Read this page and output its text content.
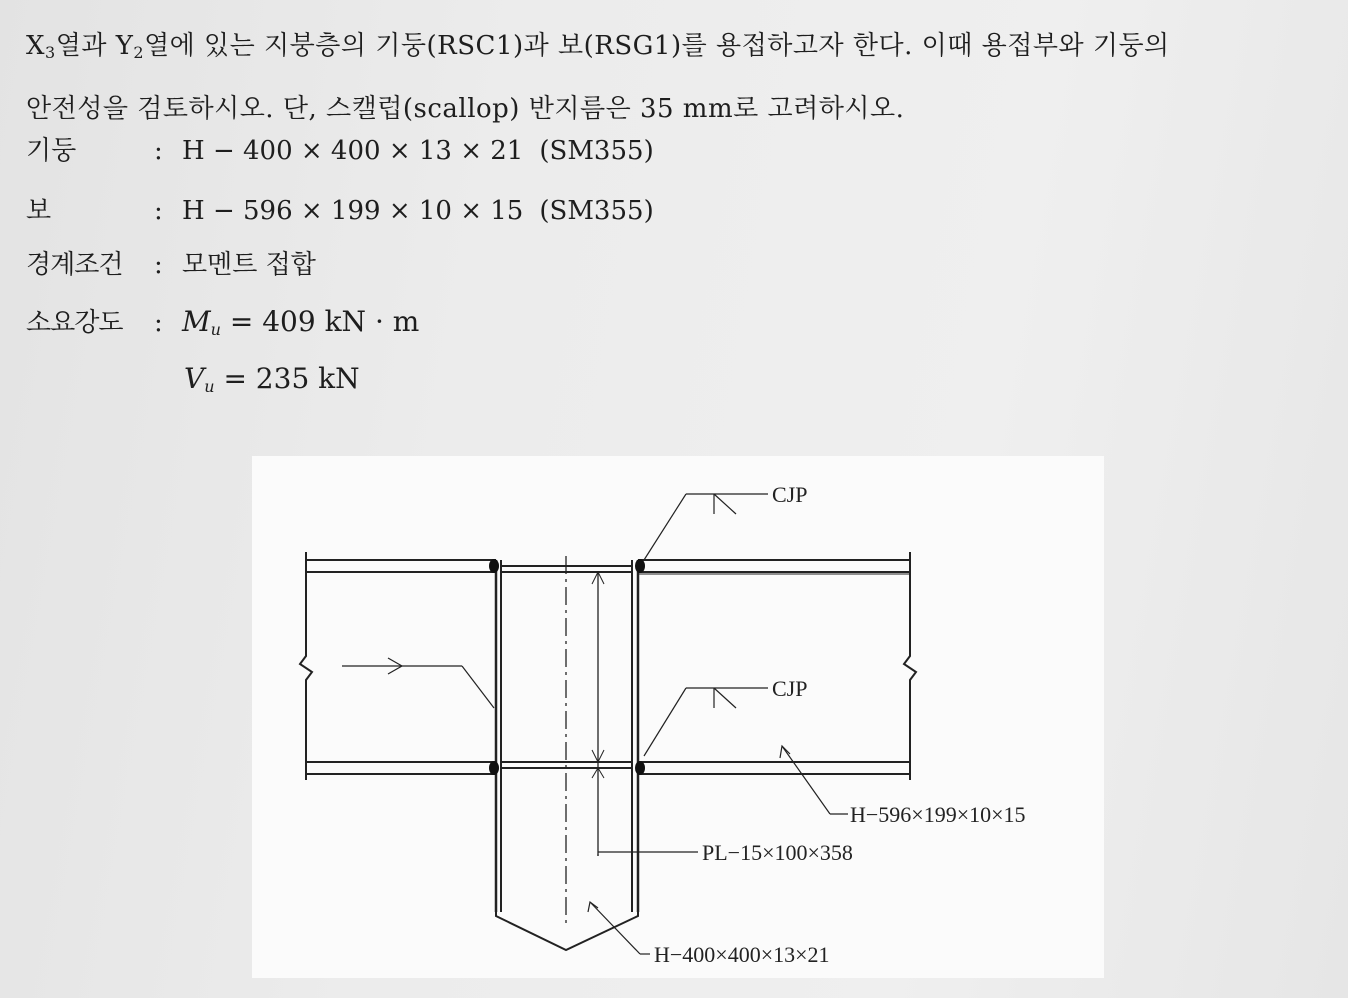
$X_3$열과 $Y_2$열에 있는 지붕층의 기둥(RSC1)과 보(RSG1)를 용접하고자 한다. 이때 용접부와 기둥의
안전성을 검토하시오. 단, 스캘럽(scallop) 반지름은 35 mm로 고려하시오.

기둥	: H − 400 × 400 × 13 × 21 (SM355)
보	: H − 596 × 199 × 10 × 15 (SM355)
경계조건	: 모멘트 접합
소요강도	: $M_u = 409$ kN · m
$V_u = 235$ kN
CJP
CJP
H−596×199×10×15
PL−15×100×358
H−400×400×13×21
